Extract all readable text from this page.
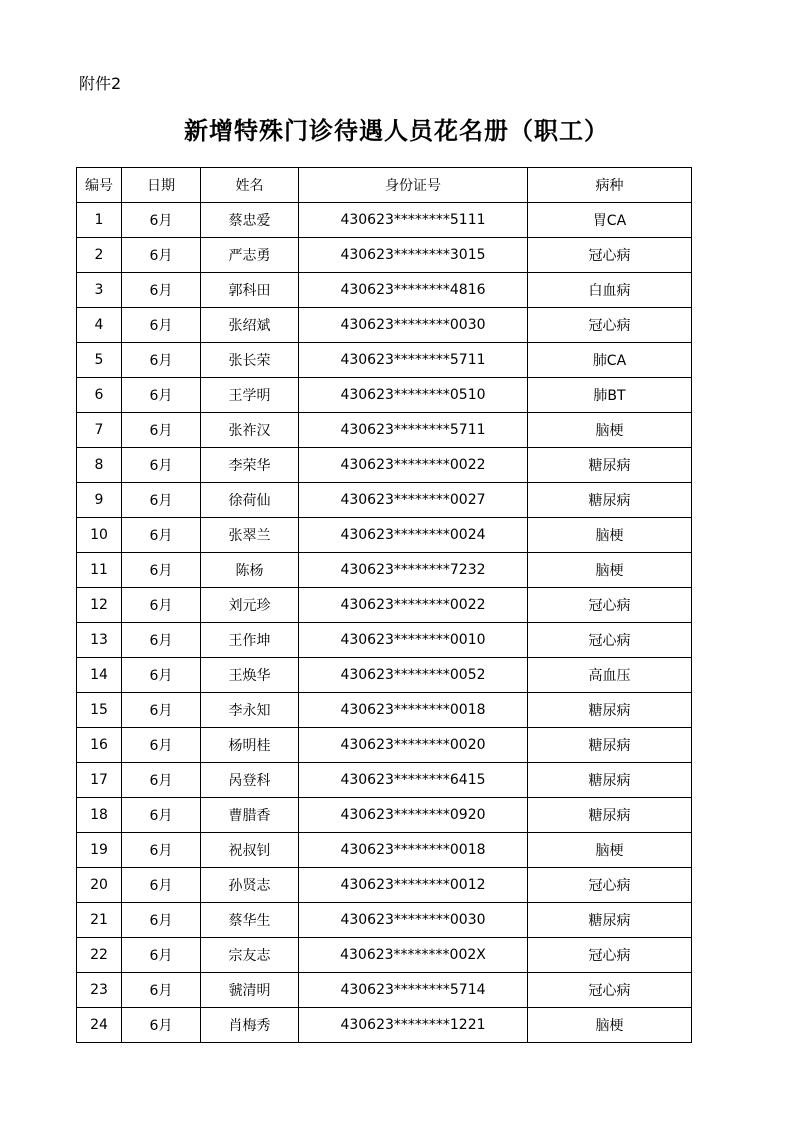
附件2
新增特殊门诊待遇人员花名册（职工）
编号	日期	姓名	身份证号	病种
1	6月	蔡忠爱	430623********5111	胃CA
2	6月	严志勇	430623********3015	冠心病
3	6月	郭科田	430623********4816	白血病
4	6月	张绍斌	430623********0030	冠心病
5	6月	张长荣	430623********5711	肺CA
6	6月	王学明	430623********0510	肺BT
7	6月	张祚汉	430623********5711	脑梗
8	6月	李荣华	430623********0022	糖尿病
9	6月	徐荷仙	430623********0027	糖尿病
10	6月	张翠兰	430623********0024	脑梗
11	6月	陈杨	430623********7232	脑梗
12	6月	刘元珍	430623********0022	冠心病
13	6月	王作坤	430623********0010	冠心病
14	6月	王焕华	430623********0052	高血压
15	6月	李永知	430623********0018	糖尿病
16	6月	杨明桂	430623********0020	糖尿病
17	6月	呙登科	430623********6415	糖尿病
18	6月	曹腊香	430623********0920	糖尿病
19	6月	祝叔钊	430623********0018	脑梗
20	6月	孙贤志	430623********0012	冠心病
21	6月	蔡华生	430623********0030	糖尿病
22	6月	宗友志	430623********002X	冠心病
23	6月	虢清明	430623********5714	冠心病
24	6月	肖梅秀	430623********1221	脑梗
